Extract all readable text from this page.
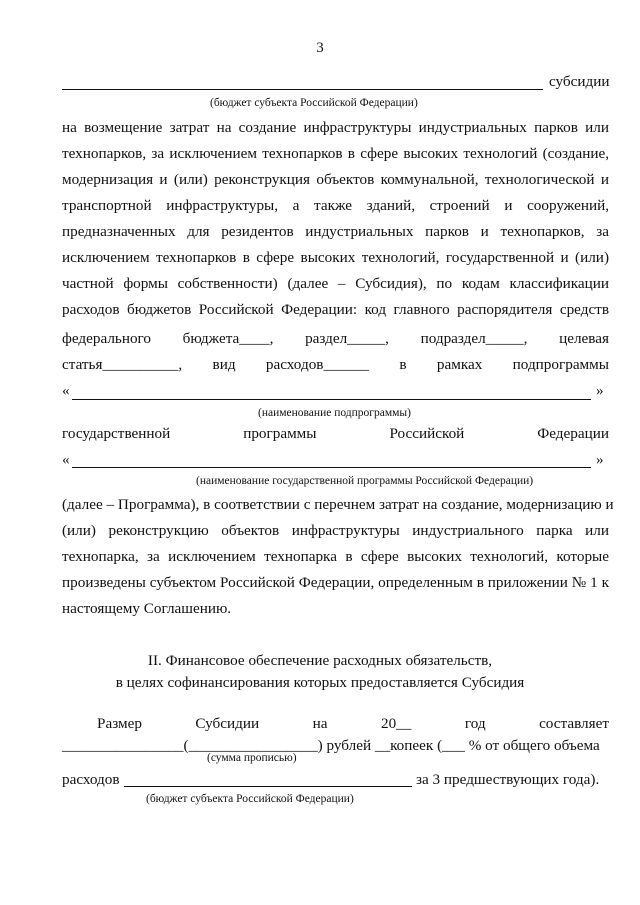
3
субсидии
(бюджет субъекта Российской Федерации)
на возмещение затрат на создание инфраструктуры индустриальных парков или
технопарков, за исключением технопарков в сфере высоких технологий (создание,
модернизация и (или) реконструкция объектов коммунальной, технологической и
транспортной инфраструктуры, а также зданий, строений и сооружений,
предназначенных для резидентов индустриальных парков и технопарков, за
исключением технопарков в сфере высоких технологий, государственной и (или)
частной формы собственности) (далее – Субсидия), по кодам классификации
расходов бюджетов Российской Федерации: код главного распорядителя средств
федерального бюджета____, раздел_____, подраздел_____, целевая
статья__________, вид расходов______ в рамках подпрограммы
«	»
(наименование подпрограммы)
государственной	программы	Российской	Федерации
«	»
(наименование государственной программы Российской Федерации)
(далее – Программа), в соответствии с перечнем затрат на создание, модернизацию и
(или) реконструкцию объектов инфраструктуры индустриального парка или
технопарка, за исключением технопарка в сфере высоких технологий, которые
произведены субъектом Российской Федерации, определенным в приложении № 1 к
настоящему Соглашению.
II. Финансовое обеспечение расходных обязательств,
в целях софинансирования которых предоставляется Субсидия
Размер	Субсидии	на	20__	год	составляет
________________(_________________) рублей __копеек (___ % от общего объема
(сумма прописью)
расходов	за 3 предшествующих года).
(бюджет субъекта Российской Федерации)
